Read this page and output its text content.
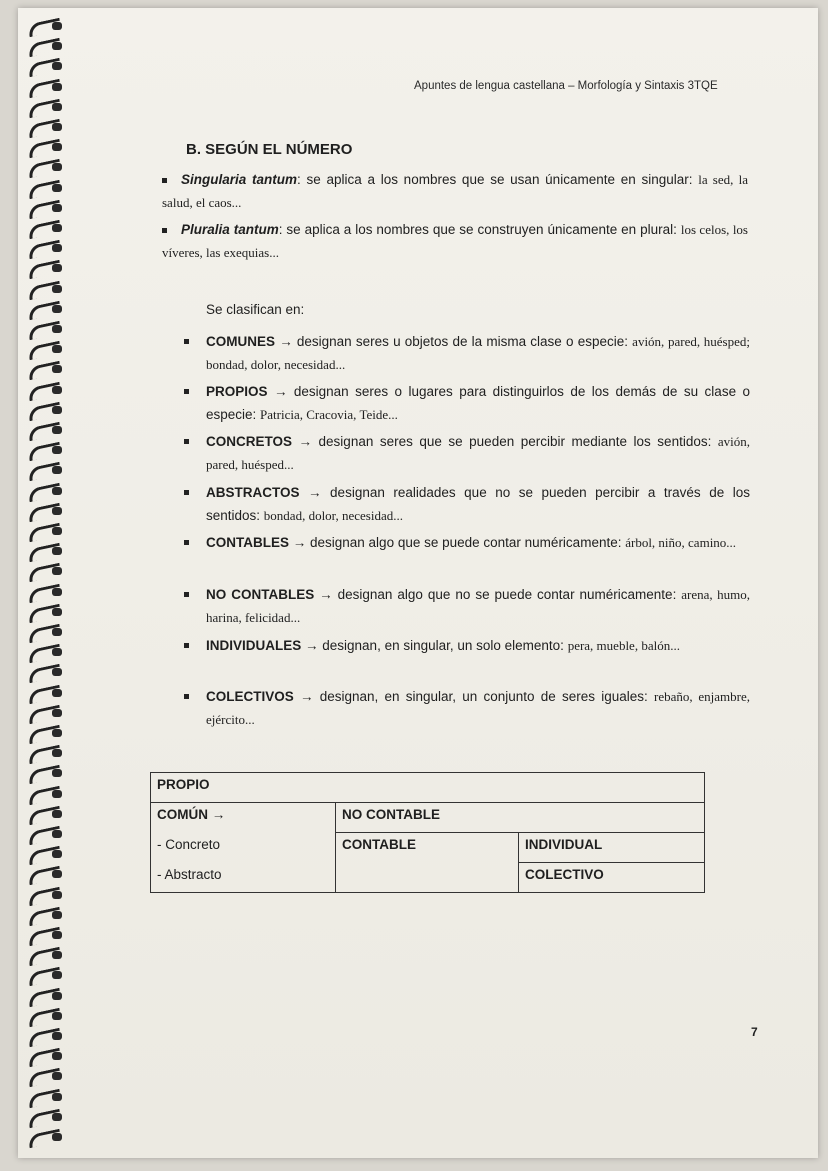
Apuntes de lengua castellana – Morfología y Sintaxis 3TQE
B. SEGÚN EL NÚMERO
Singularia tantum: se aplica a los nombres que se usan únicamente en singular: la sed, la salud, el caos...
Pluralia tantum: se aplica a los nombres que se construyen únicamente en plural: los celos, los víveres, las exequias...
Se clasifican en:
COMUNES → designan seres u objetos de la misma clase o especie: avión, pared, huésped; bondad, dolor, necesidad...
PROPIOS → designan seres o lugares para distinguirlos de los demás de su clase o especie: Patricia, Cracovia, Teide...
CONCRETOS → designan seres que se pueden percibir mediante los sentidos: avión, pared, huésped...
ABSTRACTOS → designan realidades que no se pueden percibir a través de los sentidos: bondad, dolor, necesidad...
CONTABLES → designan algo que se puede contar numéricamente: árbol, niño, camino...
NO CONTABLES → designan algo que no se puede contar numéricamente: arena, humo, harina, felicidad...
INDIVIDUALES → designan, en singular, un solo elemento: pera, mueble, balón...
COLECTIVOS → designan, en singular, un conjunto de seres iguales: rebaño, enjambre, ejército...
PROPIO		
COMÚN →	NO CONTABLE	
- Concreto	CONTABLE	INDIVIDUAL
- Abstracto		COLECTIVO
7
